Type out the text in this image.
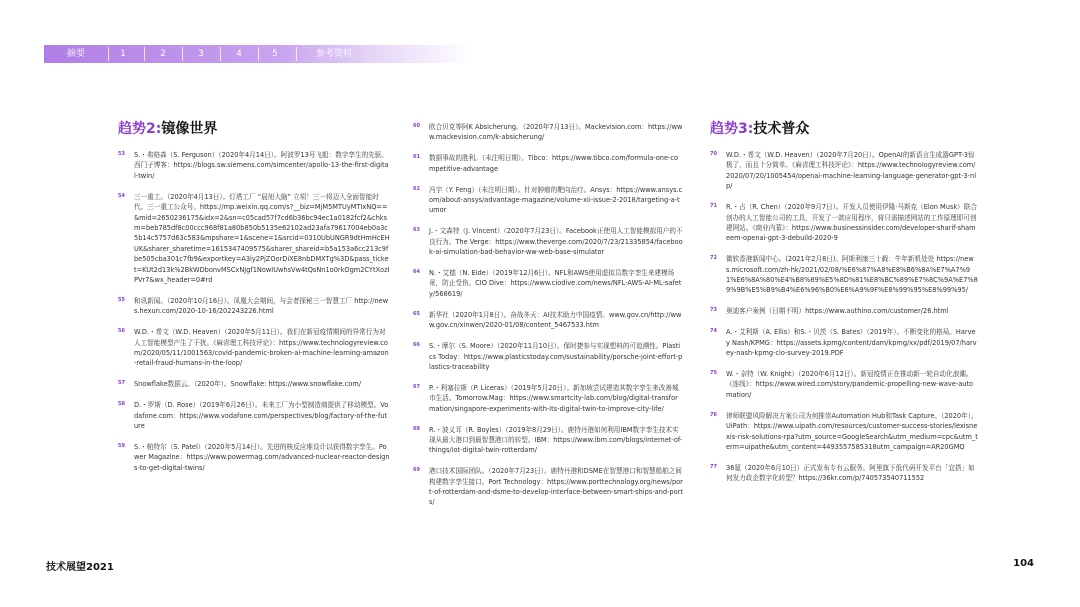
摘要	1	2	3	4	5	参考资料
趋势2:镜像世界
53 S.・弗格森（S. Ferguson）（2020年4月14日）。阿波罗13号飞船：数字孪生的先驱。西门子博客：https://blogs.sw.siemens.com/simcenter/apollo-13-the-first-digital-twin/
54 三一重工。（2020年4月13日）。灯塔工厂 “晨旭大脑” 立项！三一将迈入全面智能时代。三一重工公众号。https://mp.weixin.qq.com/s?__biz=MjM5MTUyMTIxNQ==&mid=2650236175&idx=2&sn=c05cad57f7cd6b36bc94ec1a0182fcf2&chksm=beb785df8c00ccc968f81a80b850b5135e62102ad23afa79617004eb0a3c5b14c5757d63c583&mpshare=1&scene=1&srcid=0310UbUNGR9dtHmHcEHUK&sharer_sharetime=1615347409575&sharer_shareid=b5a153a6cc213c9fbe505cba301c7fb9&exportkey=A3iy2PjZOorDiXE8nbDMXTg%3D&pass_ticket=KUt2d13k%2BkWDbonvMSCxNJgf1NowIUwhsVw4tQsNn1o0rkOgm2CYtXozIPVr7&wx_header=0#rd
55 和讯新闻。（2020年10月16日）。凤凰大会期间，与会者探秘三一智慧工厂 http://news.hexun.com/2020-10-16/202243226.html
56 W.D.・希文（W.D. Heaven）（2020年5月11日）。我们在新冠疫情期间的异常行为对人工智能模型产生了干扰。《麻省理工科技评论》：https://www.technologyreview.com/2020/05/11/1001563/covid-pandemic-broken-ai-machine-learning-amazon-retail-fraud-humans-in-the-loop/
57 Snowflake数据云。（2020年）。Snowflake: https://www.snowflake.com/
58 D.・罗斯（D. Rose）（2019年6月26日）。未来工厂为小型制造商提供了移动模型。Vodafone.com：https://www.vodafone.com/perspectives/blog/factory-of-the-future
59 S.・帕特尔（S. Patel）（2020年5月14日）。先进的核反应堆设计以获得数字孪生。Power Magazine：https://www.powermag.com/advanced-nuclear-reactor-designs-to-get-digital-twins/
60 欧合贝克等阿K Absicherung。（2020年7月13日）。Mackevision.com：https://www.mackevision.com/k-absicherung/
61 数据事故的胜利。（未注明日期）。Tibco：https://www.tibco.com/formula-one-competitive-advantage
62 冯宇（Y. Feng）（未注明日期）。针对肿瘤的靶向治疗。Ansys：https://www.ansys.com/about-ansys/advantage-magazine/volume-xii-issue-2-2018/targeting-a-tumor
63 J.・文森特（J. Vincent）（2020年7月23日）。Facebook正使用人工智能模拟用户的不良行为。The Verge：https://www.theverge.com/2020/7/23/21335854/facebook-ai-simulation-bad-behavior-ww-web-base-simulator
64 N.・艾德（N. Eide）（2019年12月6日）。NFL和AWS使用虚拟员数字孪生来建模场景，防止受伤。CIO Dive：https://www.ciodive.com/news/NFL-AWS-AI-ML-safety/568619/
65 新华社（2020年1月8日）。奋战冬天：AI技术助力中国疫情。www.gov.cn/http://www.gov.cn/xinwen/2020-01/08/content_5467533.htm
66 S.・摩尔（S. Moore）（2020年11月10日）。保时捷参与实现塑料的可追溯性。Plastics Today：https://www.plasticstoday.com/sustainability/porsche-joint-effort-plastics-traceability
67 P.・利塞拉斯（P. Liceras）（2019年5月20日）。新加坡尝试建造其数字孪生来改善城市生活。Tomorrow.Mag：https://www.smartcity-lab.com/blog/digital-transformation/singapore-experiments-with-its-digital-twin-to-improve-city-life/
68 R.・波义耳（R. Boyles）（2019年8月29日）。鹿特丹港如何利用IBM数字孪生技术实现从最大港口到最智慧港口的转型。IBM：https://www.ibm.com/blogs/internet-of-things/iot-digital-twin-rotterdam/
69 港口技术国际团队。（2020年7月23日）。鹿特丹港和DSME在智慧港口和智慧船舶之间构建数字孪生接口。Port Technology：https://www.porttechnology.org/news/port-of-rotterdam-and-dsme-to-develop-interface-between-smart-ships-and-ports/
趋势3:技术普众
70 W.D.・希文（W.D. Heaven）（2020年7月20日）。OpenAI的新语言生成器GPT-3惊极了，而且十分简单。《麻省理工科技评论》：https://www.technologyreview.com/2020/07/20/1005454/openai-machine-learning-language-generator-gpt-3-nlp/
71 R.・占（R. Chen）（2020年9月7日）。开发人员使用伊隆·马斯克（Elon Musk）联合创办的人工智能公司的工具，开发了一款应用程序，将只需描述网站的工作原理即可创建网站。《商业内幕》：https://www.businessinsider.com/developer-sharif-shameem-openai-gpt-3-debuild-2020-9
72 微软香港新闻中心。(2021年2月8日)。阿斯利康三十载：牛年新机处处 https://news.microsoft.com/zh-hk/2021/02/08/%E6%87%A8%E8%B6%8A%E7%A7%91%E6%8A%80%E4%B8%89%E5%8D%81%E8%BC%89%E7%8C%9A%E7%89%9B%E5%B9%B4%E6%96%B0%E6%A9%9F%E8%99%95%E8%99%95/
73 奥迪客户案例（日期不明）https://www.authino.com/customer/26.html
74 A.・艾利斯（A. Ellis）和S.・贝茨（S. Bates）（2019年）。不断变化的格局。Harvey Nash/KPMG：https://assets.kpmg/content/dam/kpmg/xx/pdf/2019/07/harvey-nash-kpmg-cio-survey-2019.PDF
75 W.・奈特（W. Knight）（2020年6月12日）。新冠疫情正在推动新一轮自动化浪潮。《连线》：https://www.wired.com/story/pandemic-propelling-new-wave-automation/
76 律师联盟风险解决方案公司为何推崇Automation Hub和Task Capture。（2020年）。UiPath：https://www.uipath.com/resources/customer-success-stories/lexisnexis-risk-solutions-rpa?utm_source=GoogleSearch&utm_medium=cpc&utm_term=uipathe&utm_content=4493557585318utm_campaign=AR20GMQ
77 36氪（2020年6月10日）正式发布专有云服务。阿里旗下低代码开发平台「宜搭」如何发力政企数字化转型？https://36kr.com/p/740573540711552
技术展望2021	104
